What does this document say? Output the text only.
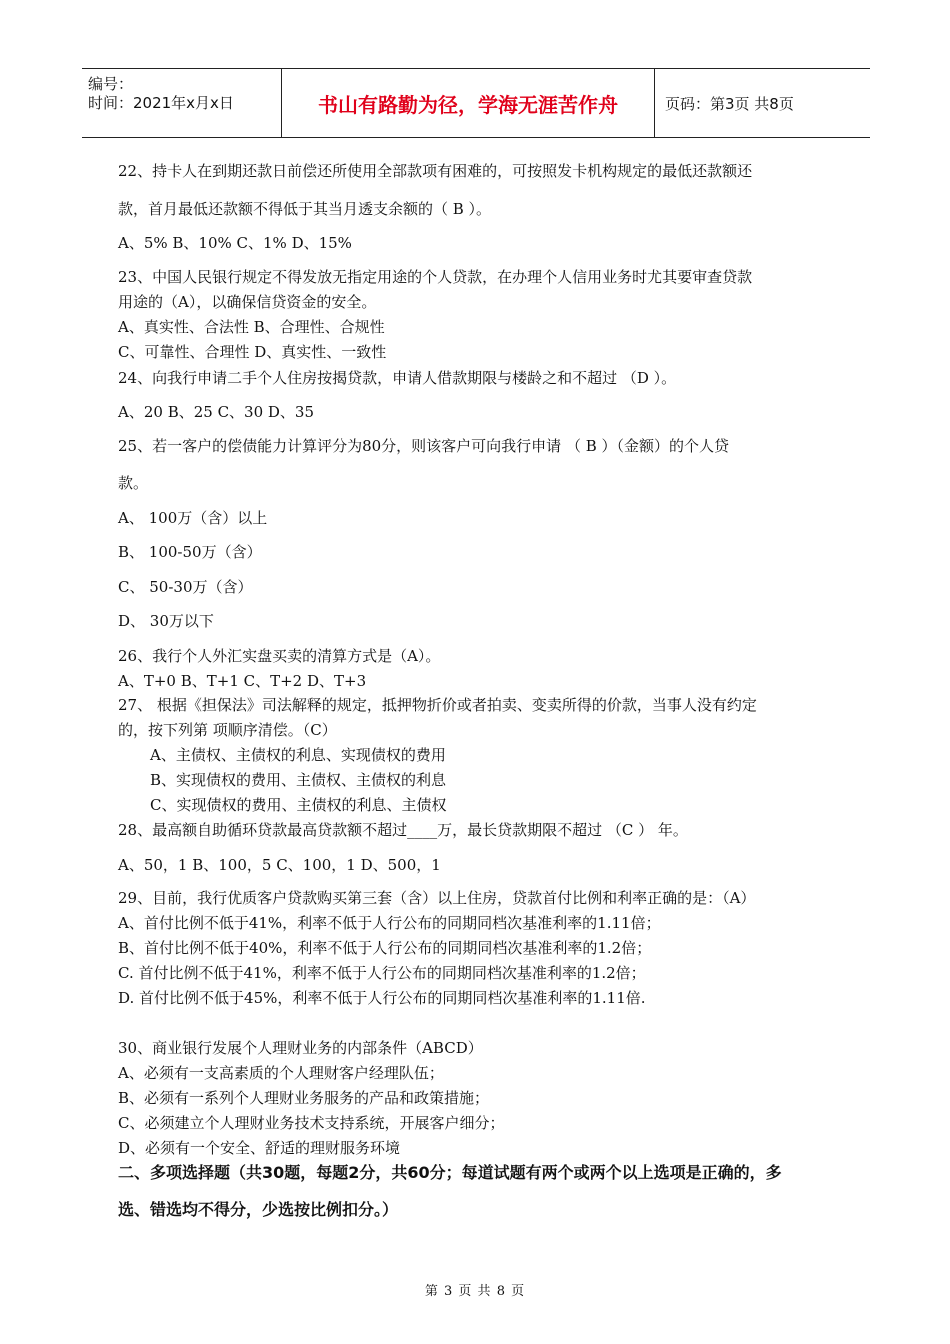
编号：
时间：2021年x月x日	书山有路勤为径，学海无涯苦作舟	页码：第3页 共8页
22、持卡人在到期还款日前偿还所使用全部款项有困难的，可按照发卡机构规定的最低还款额还
款，首月最低还款额不得低于其当月透支余额的（ B ）。
A、5% B、10% C、1% D、15%
23、中国人民银行规定不得发放无指定用途的个人贷款，在办理个人信用业务时尤其要审查贷款
用途的（A），以确保信贷资金的安全。
A、真实性、合法性 B、合理性、合规性
C、可靠性、合理性 D、真实性、一致性
24、向我行申请二手个人住房按揭贷款，申请人借款期限与楼龄之和不超过 （D ）。
A、20 B、25 C、30 D、35
25、若一客户的偿债能力计算评分为80分，则该客户可向我行申请 （ B ）（金额）的个人贷
款。
A、 100万（含）以上
B、 100-50万（含）
C、 50-30万（含）
D、 30万以下
26、我行个人外汇实盘买卖的清算方式是（A）。
A、T+0 B、T+1 C、T+2 D、T+3
27、 根据《担保法》司法解释的规定，抵押物折价或者拍卖、变卖所得的价款，当事人没有约定
的，按下列第 项顺序清偿。（C）
A、主债权、主债权的利息、实现债权的费用
B、实现债权的费用、主债权、主债权的利息
C、实现债权的费用、主债权的利息、主债权
28、最高额自助循环贷款最高贷款额不超过____万，最长贷款期限不超过 （C ） 年。
A、50，1 B、100，5 C、100，1 D、500，1
29、目前，我行优质客户贷款购买第三套（含）以上住房，贷款首付比例和利率正确的是：（A）
A、首付比例不低于41%，利率不低于人行公布的同期同档次基准利率的1.11倍；
B、首付比例不低于40%，利率不低于人行公布的同期同档次基准利率的1.2倍；
C. 首付比例不低于41%，利率不低于人行公布的同期同档次基准利率的1.2倍；
D. 首付比例不低于45%，利率不低于人行公布的同期同档次基准利率的1.11倍.
30、商业银行发展个人理财业务的内部条件（ABCD）
A、必须有一支高素质的个人理财客户经理队伍；
B、必须有一系列个人理财业务服务的产品和政策措施；
C、必须建立个人理财业务技术支持系统，开展客户细分；
D、必须有一个安全、舒适的理财服务环境
二、多项选择题（共30题，每题2分，共60分；每道试题有两个或两个以上选项是正确的，多
选、错选均不得分，少选按比例扣分。）
第 3 页 共 8 页
